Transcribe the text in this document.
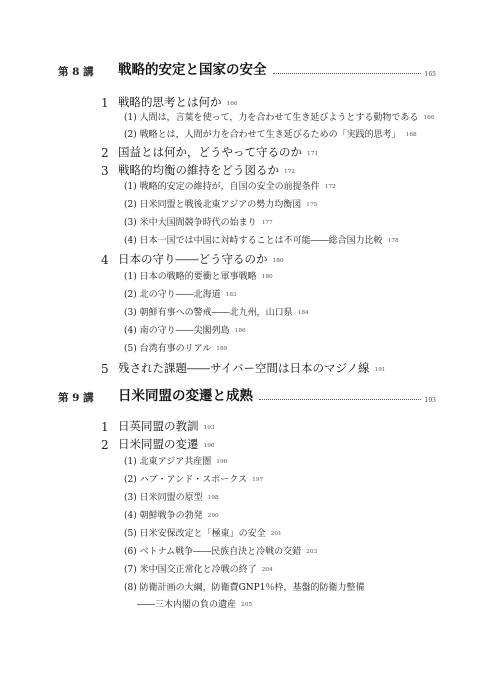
第 8 講 戦略的安定と国家の安全	165
1 戦略的思考とは何か 166
(1) 人間は，言葉を使って，力を合わせて生き延びようとする動物である 166
(2) 戦略とは，人間が力を合わせて生き延びるための「実践的思考」 168
2 国益とは何か，どうやって守るのか 171
3 戦略的均衡の維持をどう図るか 172
(1) 戦略的安定の維持が，自国の安全の前提条件 172
(2) 日米同盟と戦後北東アジアの勢力均衡図 175
(3) 米中大国間競争時代の始まり 177
(4) 日本一国では中国に対峙することは不可能――総合国力比較 178
4 日本の守り――どう守るのか 180
(1) 日本の戦略的要衝と軍事戦略 180
(2) 北の守り――北海道 183
(3) 朝鮮有事への警戒――北九州，山口県 184
(4) 南の守り――尖閣列島 186
(5) 台湾有事のリアル 189
5 残された課題――サイバー空間は日本のマジノ線 191
第 9 講 日米同盟の変遷と成熟	193
1 日英同盟の教訓 193
2 日米同盟の変遷 196
(1) 北東アジア共産圏 196
(2) ハブ・アンド・スポークス 197
(3) 日米同盟の原型 198
(4) 朝鮮戦争の勃発 200
(5) 日米安保改定と「極東」の安全 201
(6) ベトナム戦争――民族自決と冷戦の交錯 203
(7) 米中国交正常化と冷戦の終了 204
(8) 防衛計画の大綱，防衛費GNP1％枠，基盤的防衛力整備
――三木内閣の負の遺産 205
